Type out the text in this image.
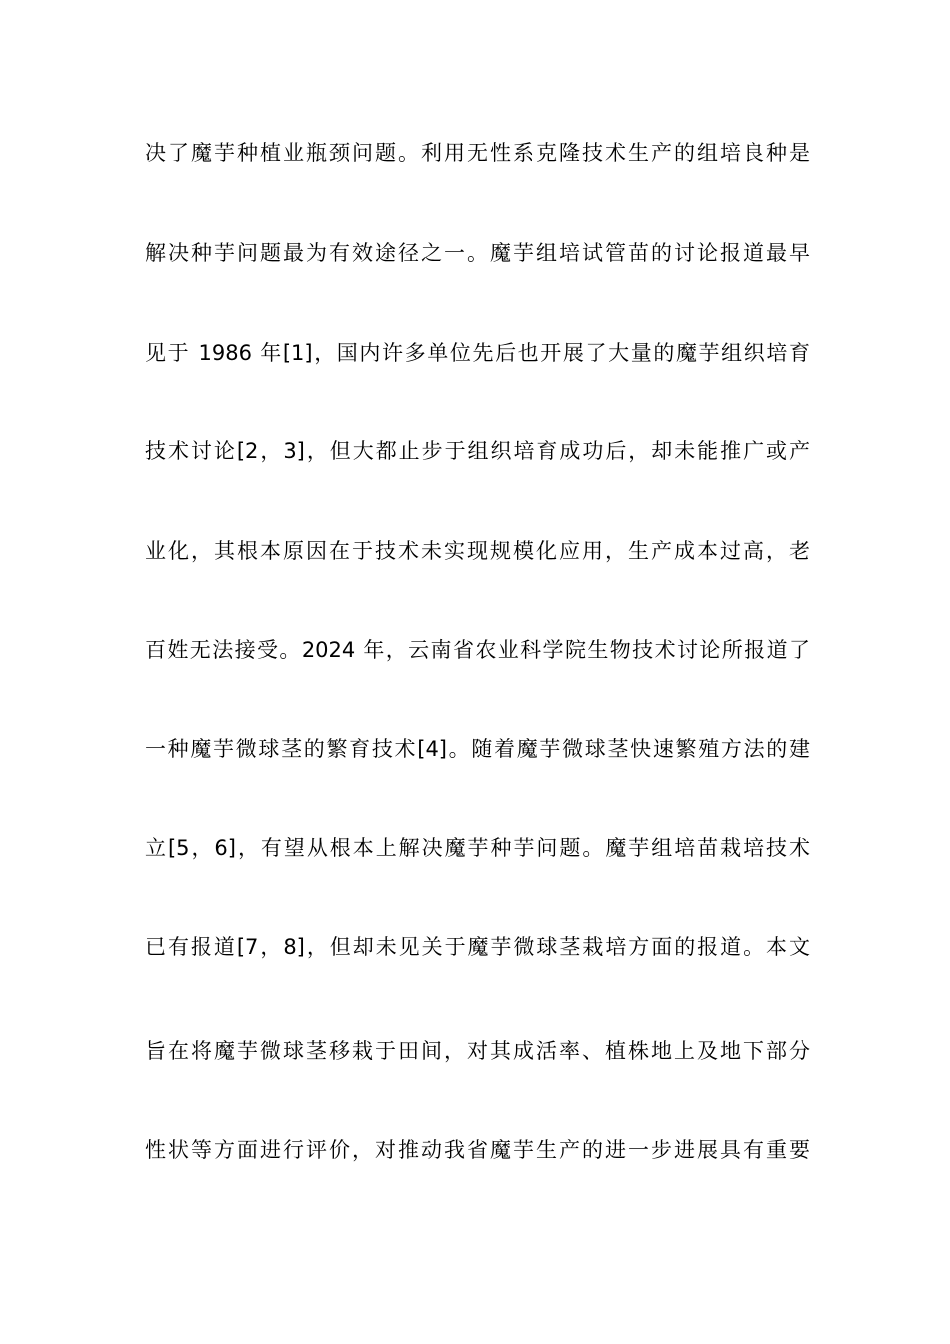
决了魔芋种植业瓶颈问题。利用无性系克隆技术生产的组培良种是
解决种芋问题最为有效途径之一。魔芋组培试管苗的讨论报道最早
见于 1986 年[1]，国内许多单位先后也开展了大量的魔芋组织培育
技术讨论[2，3]，但大都止步于组织培育成功后，却未能推广或产
业化，其根本原因在于技术未实现规模化应用，生产成本过高，老
百姓无法接受。2024 年，云南省农业科学院生物技术讨论所报道了
一种魔芋微球茎的繁育技术[4]。随着魔芋微球茎快速繁殖方法的建
立[5，6]，有望从根本上解决魔芋种芋问题。魔芋组培苗栽培技术
已有报道[7，8]，但却未见关于魔芋微球茎栽培方面的报道。本文
旨在将魔芋微球茎移栽于田间，对其成活率、植株地上及地下部分
性状等方面进行评价，对推动我省魔芋生产的进一步进展具有重要
